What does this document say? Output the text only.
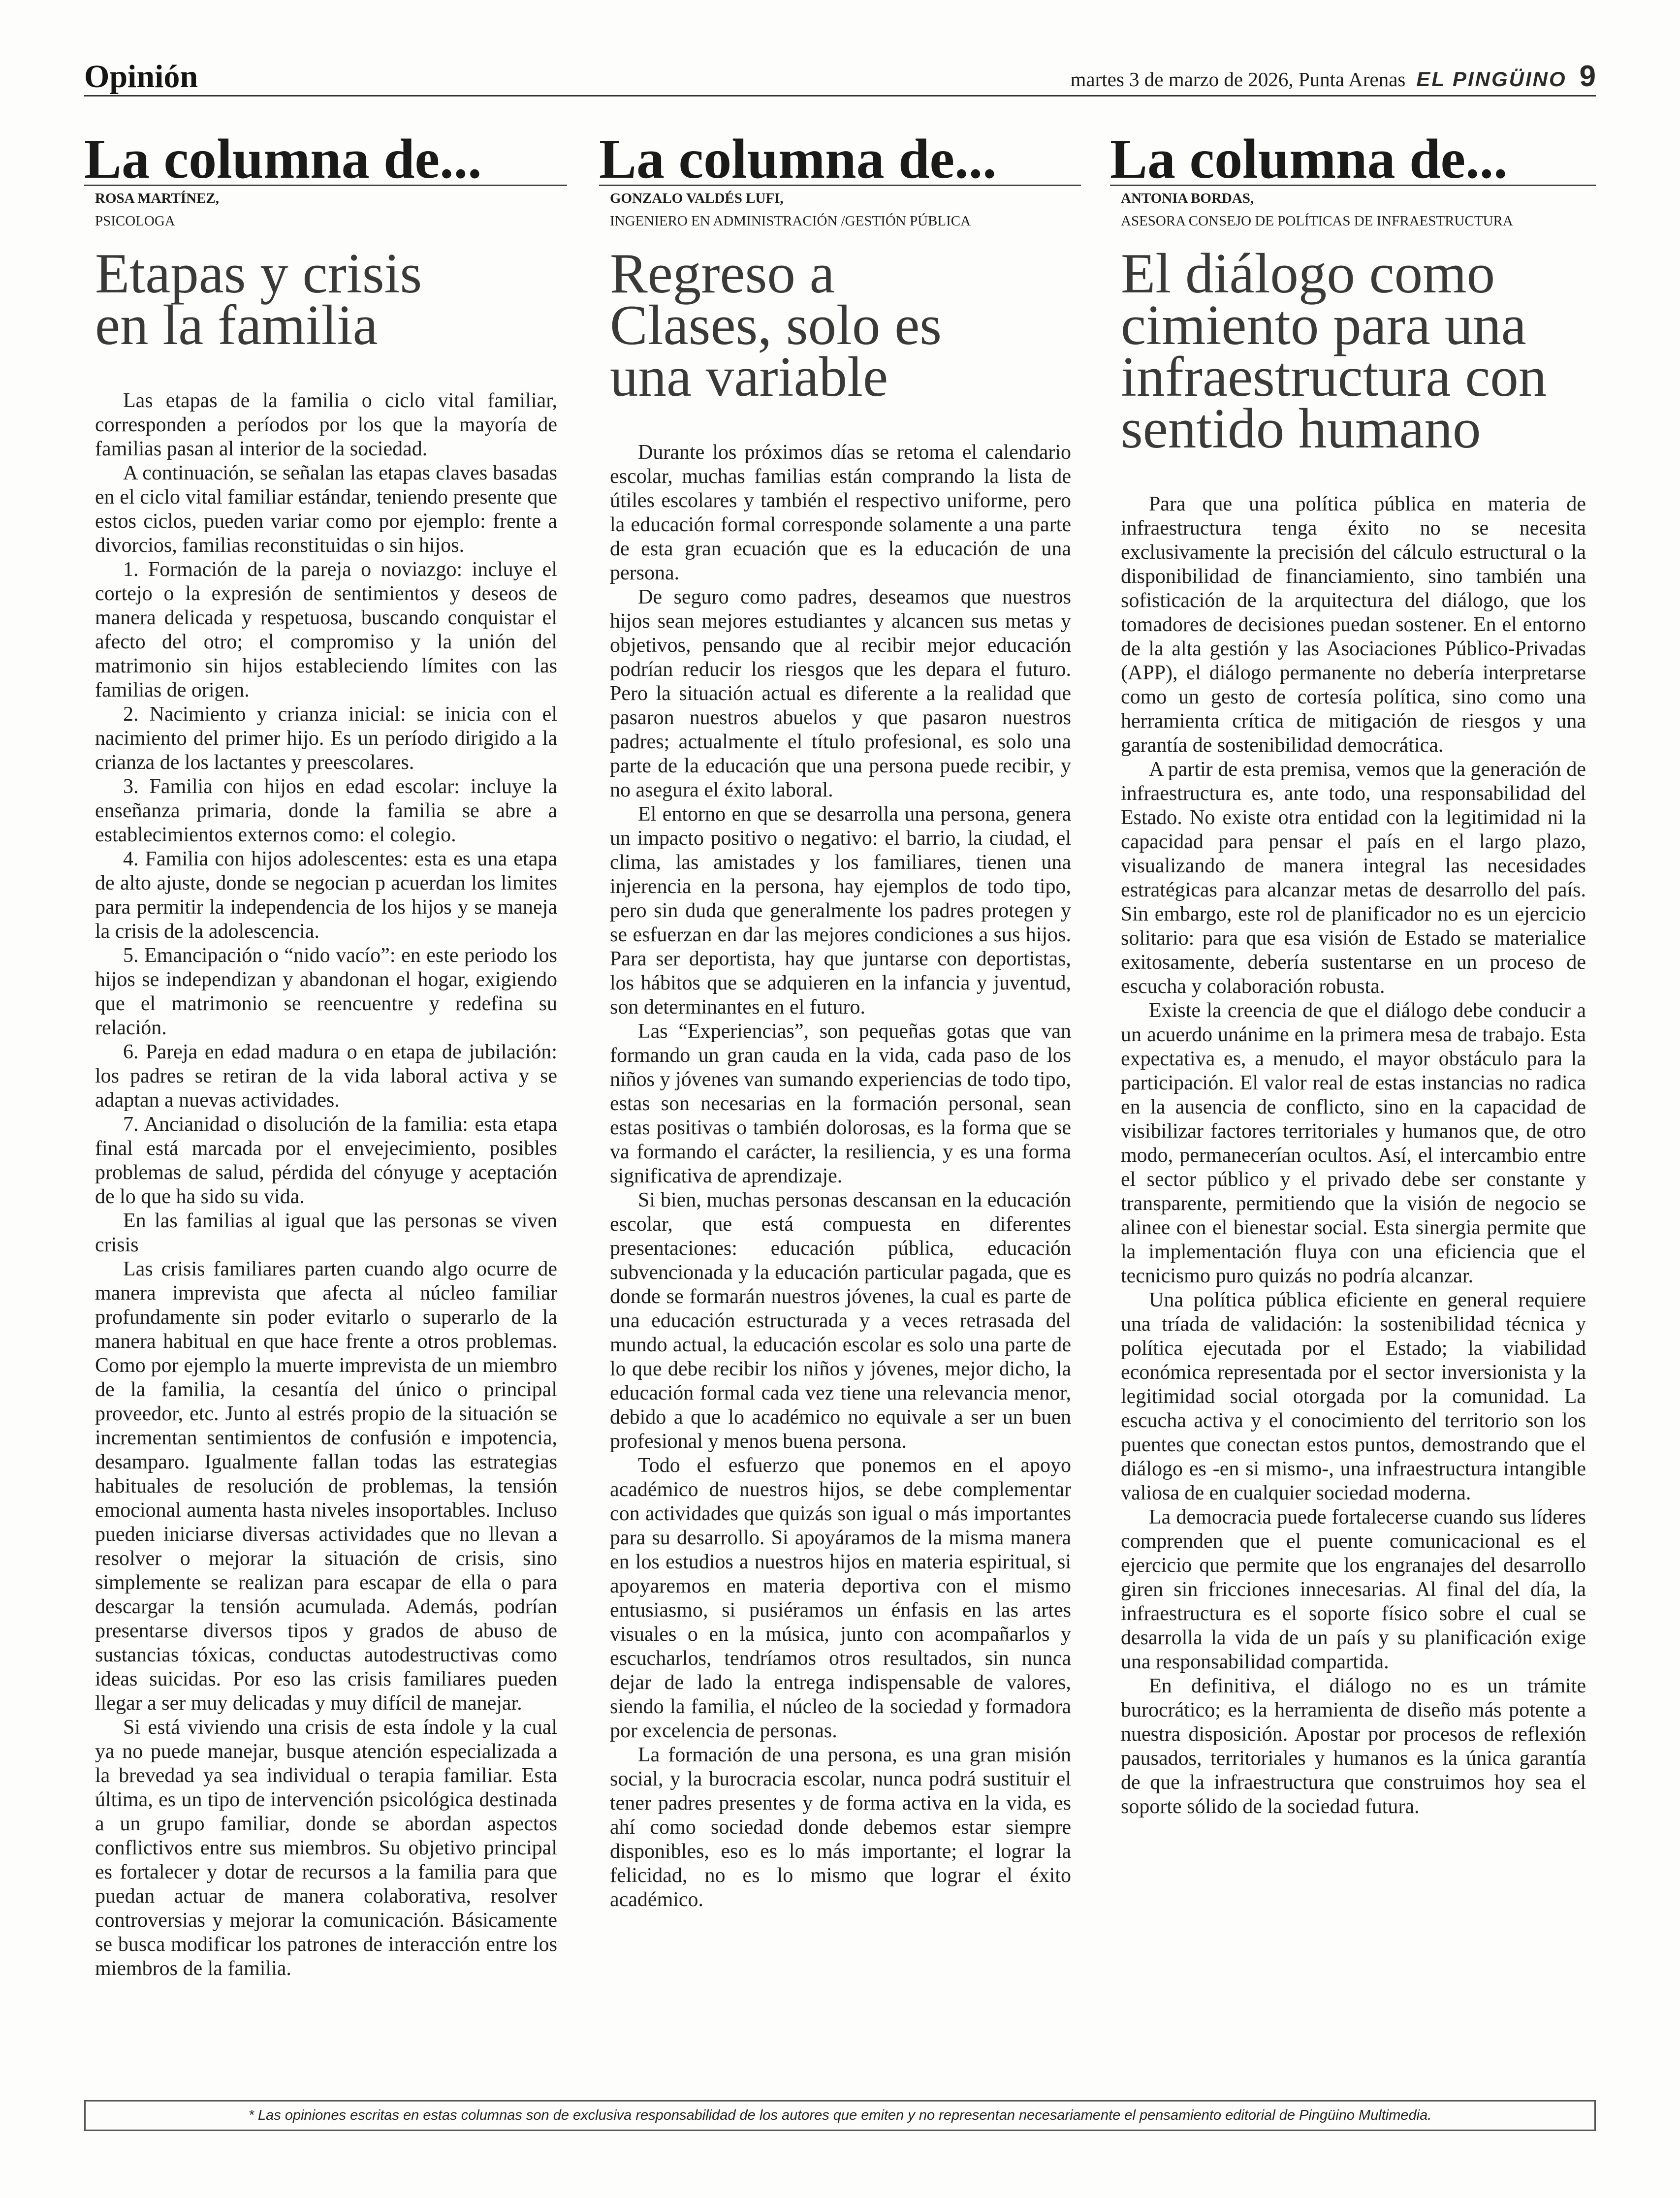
Opinión	martes 3 de marzo de 2026, Punta Arenas EL PINGÜINO 9
La columna de...
ROSA MARTÍNEZ,
PSICOLOGA
Etapas y crisis
en la familia

Las etapas de la familia o ciclo vital familiar, corresponden a períodos por los que la mayoría de familias pasan al interior de la sociedad.

A continuación, se señalan las etapas claves basadas en el ciclo vital familiar estándar, teniendo presente que estos ciclos, pueden variar como por ejemplo: frente a divorcios, familias reconstituidas o sin hijos.

1. Formación de la pareja o noviazgo: incluye el cortejo o la expresión de sentimientos y deseos de manera delicada y respetuosa, buscando conquistar el afecto del otro; el compromiso y la unión del matrimonio sin hijos estableciendo límites con las familias de origen.

2. Nacimiento y crianza inicial: se inicia con el nacimiento del primer hijo. Es un período dirigido a la crianza de los lactantes y preescolares.

3. Familia con hijos en edad escolar: incluye la enseñanza primaria, donde la familia se abre a establecimientos externos como: el colegio.

4. Familia con hijos adolescentes: esta es una etapa de alto ajuste, donde se negocian p acuerdan los limites para permitir la independencia de los hijos y se maneja la crisis de la adolescencia.

5. Emancipación o “nido vacío”: en este periodo los hijos se independizan y abandonan el hogar, exigiendo que el matrimonio se reencuentre y redefina su relación.

6. Pareja en edad madura o en etapa de jubilación: los padres se retiran de la vida laboral activa y se adaptan a nuevas actividades.

7. Ancianidad o disolución de la familia: esta etapa final está marcada por el envejecimiento, posibles problemas de salud, pérdida del cónyuge y aceptación de lo que ha sido su vida.

En las familias al igual que las personas se viven crisis

Las crisis familiares parten cuando algo ocurre de manera imprevista que afecta al núcleo familiar profundamente sin poder evitarlo o superarlo de la manera habitual en que hace frente a otros problemas. Como por ejemplo la muerte imprevista de un miembro de la familia, la cesantía del único o principal proveedor, etc. Junto al estrés propio de la situación se incrementan sentimientos de confusión e impotencia, desamparo. Igualmente fallan todas las estrategias habituales de resolución de problemas, la tensión emocional aumenta hasta niveles insoportables. Incluso pueden iniciarse diversas actividades que no llevan a resolver o mejorar la situación de crisis, sino simplemente se realizan para escapar de ella o para descargar la tensión acumulada. Además, podrían presentarse diversos tipos y grados de abuso de sustancias tóxicas, conductas autodestructivas como ideas suicidas. Por eso las crisis familiares pueden llegar a ser muy delicadas y muy difícil de manejar.

Si está viviendo una crisis de esta índole y la cual ya no puede manejar, busque atención especializada a la brevedad ya sea individual o terapia familiar. Esta última, es un tipo de intervención psicológica destinada a un grupo familiar, donde se abordan aspectos conflictivos entre sus miembros. Su objetivo principal es fortalecer y dotar de recursos a la familia para que puedan actuar de manera colaborativa, resolver controversias y mejorar la comunicación. Básicamente se busca modificar los patrones de interacción entre los miembros de la familia.

La columna de...
GONZALO VALDÉS LUFI,
INGENIERO EN ADMINISTRACIÓN /GESTIÓN PÚBLICA
Regreso a
Clases, solo es
una variable

Durante los próximos días se retoma el calendario escolar, muchas familias están comprando la lista de útiles escolares y también el respectivo uniforme, pero la educación formal corresponde solamente a una parte de esta gran ecuación que es la educación de una persona.

De seguro como padres, deseamos que nuestros hijos sean mejores estudiantes y alcancen sus metas y objetivos, pensando que al recibir mejor educación podrían reducir los riesgos que les depara el futuro. Pero la situación actual es diferente a la realidad que pasaron nuestros abuelos y que pasaron nuestros padres; actualmente el título profesional, es solo una parte de la educación que una persona puede recibir, y no asegura el éxito laboral.

El entorno en que se desarrolla una persona, genera un impacto positivo o negativo: el barrio, la ciudad, el clima, las amistades y los familiares, tienen una injerencia en la persona, hay ejemplos de todo tipo, pero sin duda que generalmente los padres protegen y se esfuerzan en dar las mejores condiciones a sus hijos. Para ser deportista, hay que juntarse con deportistas, los hábitos que se adquieren en la infancia y juventud, son determinantes en el futuro.

Las “Experiencias”, son pequeñas gotas que van formando un gran cauda en la vida, cada paso de los niños y jóvenes van sumando experiencias de todo tipo, estas son necesarias en la formación personal, sean estas positivas o también dolorosas, es la forma que se va formando el carácter, la resiliencia, y es una forma significativa de aprendizaje.

Si bien, muchas personas descansan en la educación escolar, que está compuesta en diferentes presentaciones: educación pública, educación subvencionada y la educación particular pagada, que es donde se formarán nuestros jóvenes, la cual es parte de una educación estructurada y a veces retrasada del mundo actual, la educación escolar es solo una parte de lo que debe recibir los niños y jóvenes, mejor dicho, la educación formal cada vez tiene una relevancia menor, debido a que lo académico no equivale a ser un buen profesional y menos buena persona.

Todo el esfuerzo que ponemos en el apoyo académico de nuestros hijos, se debe complementar con actividades que quizás son igual o más importantes para su desarrollo. Si apoyáramos de la misma manera en los estudios a nuestros hijos en materia espiritual, si apoyaremos en materia deportiva con el mismo entusiasmo, si pusiéramos un énfasis en las artes visuales o en la música, junto con acompañarlos y escucharlos, tendríamos otros resultados, sin nunca dejar de lado la entrega indispensable de valores, siendo la familia, el núcleo de la sociedad y formadora por excelencia de personas.

La formación de una persona, es una gran misión social, y la burocracia escolar, nunca podrá sustituir el tener padres presentes y de forma activa en la vida, es ahí como sociedad donde debemos estar siempre disponibles, eso es lo más importante; el lograr la felicidad, no es lo mismo que lograr el éxito académico.

La columna de...
ANTONIA BORDAS,
ASESORA CONSEJO DE POLÍTICAS DE INFRAESTRUCTURA
El diálogo como
cimiento para una
infraestructura con
sentido humano

Para que una política pública en materia de infraestructura tenga éxito no se necesita exclusivamente la precisión del cálculo estructural o la disponibilidad de financiamiento, sino también una sofisticación de la arquitectura del diálogo, que los tomadores de decisiones puedan sostener. En el entorno de la alta gestión y las Asociaciones Público-Privadas (APP), el diálogo permanente no debería interpretarse como un gesto de cortesía política, sino como una herramienta crítica de mitigación de riesgos y una garantía de sostenibilidad democrática.

A partir de esta premisa, vemos que la generación de infraestructura es, ante todo, una responsabilidad del Estado. No existe otra entidad con la legitimidad ni la capacidad para pensar el país en el largo plazo, visualizando de manera integral las necesidades estratégicas para alcanzar metas de desarrollo del país. Sin embargo, este rol de planificador no es un ejercicio solitario: para que esa visión de Estado se materialice exitosamente, debería sustentarse en un proceso de escucha y colaboración robusta.

Existe la creencia de que el diálogo debe conducir a un acuerdo unánime en la primera mesa de trabajo. Esta expectativa es, a menudo, el mayor obstáculo para la participación. El valor real de estas instancias no radica en la ausencia de conflicto, sino en la capacidad de visibilizar factores territoriales y humanos que, de otro modo, permanecerían ocultos. Así, el intercambio entre el sector público y el privado debe ser constante y transparente, permitiendo que la visión de negocio se alinee con el bienestar social. Esta sinergia permite que la implementación fluya con una eficiencia que el tecnicismo puro quizás no podría alcanzar.

Una política pública eficiente en general requiere una tríada de validación: la sostenibilidad técnica y política ejecutada por el Estado; la viabilidad económica representada por el sector inversionista y la legitimidad social otorgada por la comunidad. La escucha activa y el conocimiento del territorio son los puentes que conectan estos puntos, demostrando que el diálogo es -en si mismo-, una infraestructura intangible valiosa de en cualquier sociedad moderna.

La democracia puede fortalecerse cuando sus líderes comprenden que el puente comunicacional es el ejercicio que permite que los engranajes del desarrollo giren sin fricciones innecesarias. Al final del día, la infraestructura es el soporte físico sobre el cual se desarrolla la vida de un país y su planificación exige una responsabilidad compartida.

En definitiva, el diálogo no es un trámite burocrático; es la herramienta de diseño más potente a nuestra disposición. Apostar por procesos de reflexión pausados, territoriales y humanos es la única garantía de que la infraestructura que construimos hoy sea el soporte sólido de la sociedad futura.

* Las opiniones escritas en estas columnas son de exclusiva responsabilidad de los autores que emiten y no representan necesariamente el pensamiento editorial de Pingüino Multimedia.
